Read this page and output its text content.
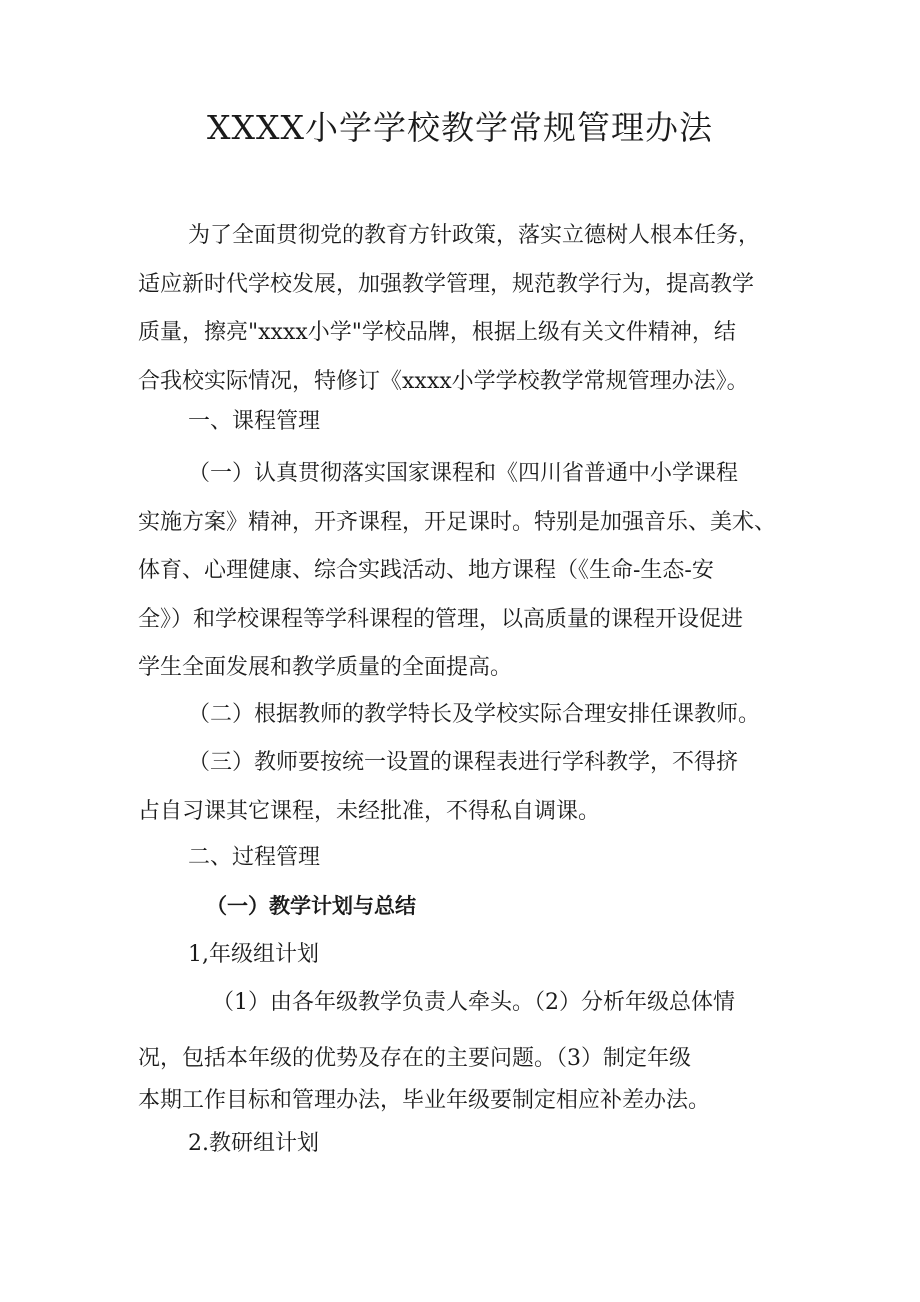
XXXX小学学校教学常规管理办法
为了全面贯彻党的教育方针政策，落实立德树人根本任务，
适应新时代学校发展，加强教学管理，规范教学行为，提高教学
质量，擦亮"xxxx小学"学校品牌，根据上级有关文件精神，结
合我校实际情况，特修订《xxxx小学学校教学常规管理办法》。
一、课程管理
（一）认真贯彻落实国家课程和《四川省普通中小学课程
实施方案》精神，开齐课程，开足课时。特别是加强音乐、美术、
体育、心理健康、综合实践活动、地方课程（《生命-生态-安
全》）和学校课程等学科课程的管理，以高质量的课程开设促进
学生全面发展和教学质量的全面提高。
（二）根据教师的教学特长及学校实际合理安排任课教师。
（三）教师要按统一设置的课程表进行学科教学，不得挤
占自习课其它课程，未经批准，不得私自调课。
二、过程管理
（一）教学计划与总结
1,年级组计划
（1）由各年级教学负责人牵头。（2）分析年级总体情
况，包括本年级的优势及存在的主要问题。（3）制定年级
本期工作目标和管理办法，毕业年级要制定相应补差办法。
2.教研组计划
